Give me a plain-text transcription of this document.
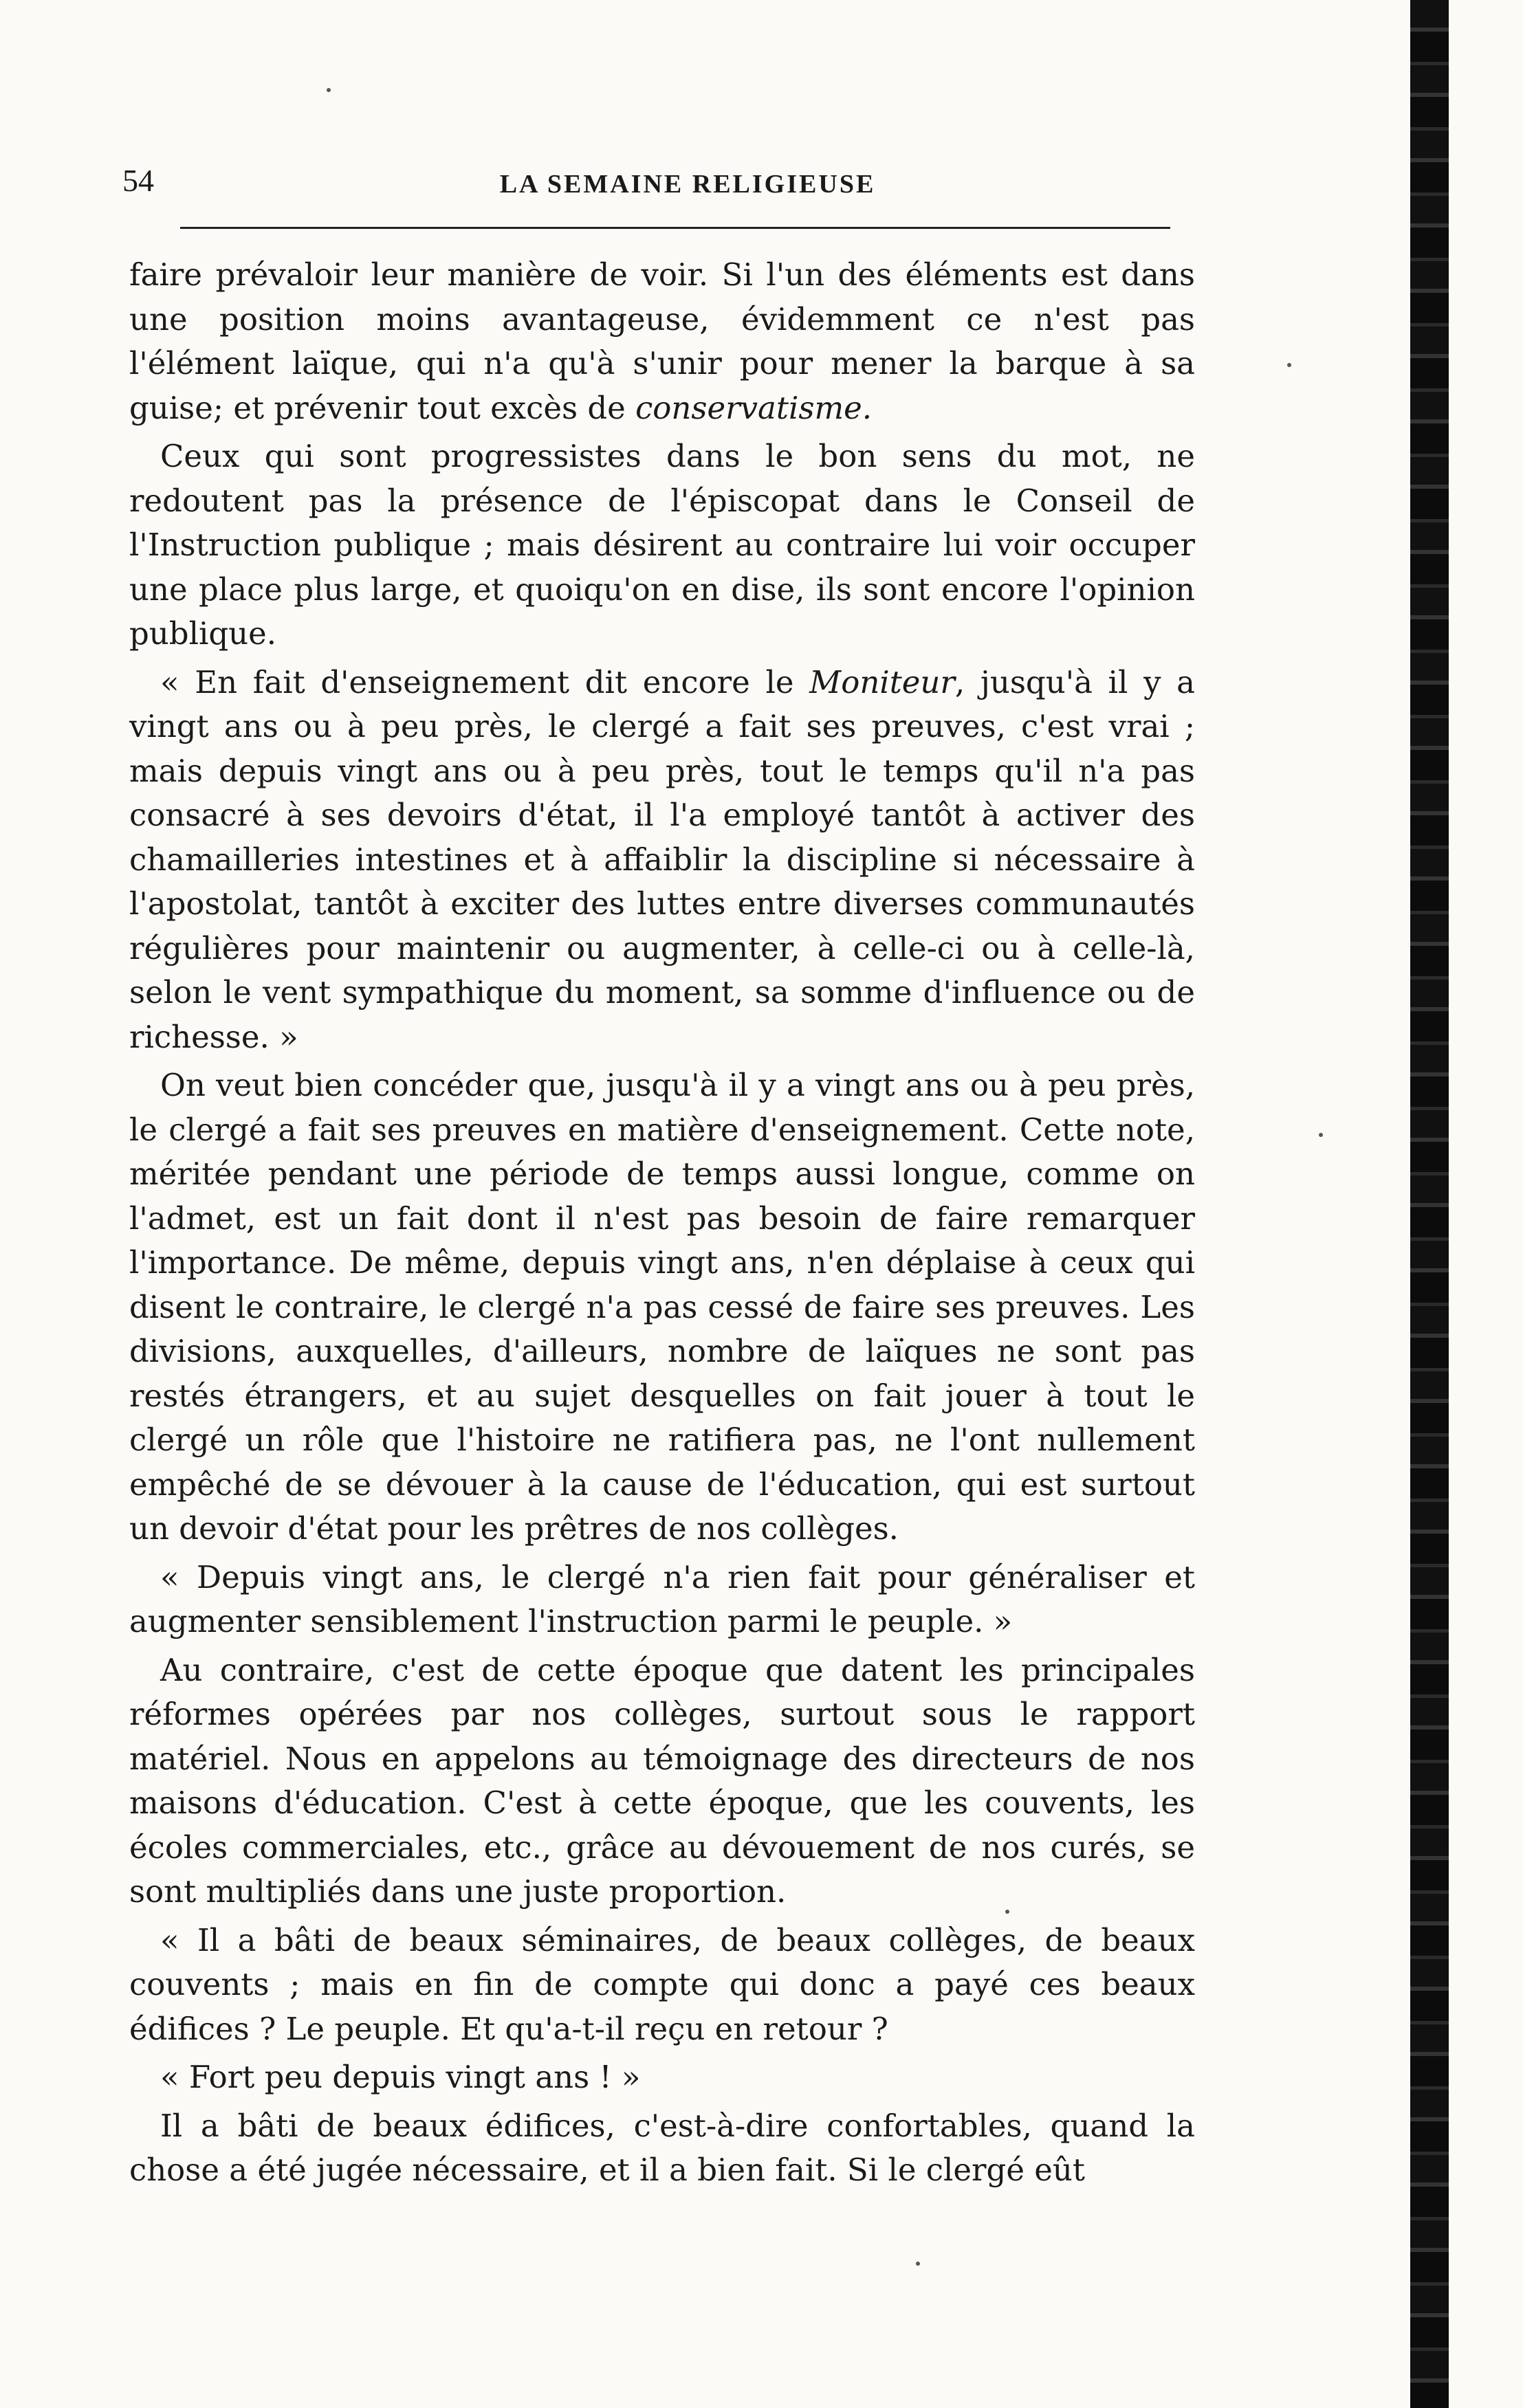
54	LA SEMAINE RELIGIEUSE

faire prévaloir leur manière de voir. Si l'un des éléments est dans une position moins avantageuse, évidemment ce n'est pas l'élément laïque, qui n'a qu'à s'unir pour mener la barque à sa guise; et prévenir tout excès de conservatisme.

Ceux qui sont progressistes dans le bon sens du mot, ne redoutent pas la présence de l'épiscopat dans le Conseil de l'Instruction publique ; mais désirent au contraire lui voir occuper une place plus large, et quoiqu'on en dise, ils sont encore l'opinion publique.

« En fait d'enseignement dit encore le Moniteur, jusqu'à il y a vingt ans ou à peu près, le clergé a fait ses preuves, c'est vrai ; mais depuis vingt ans ou à peu près, tout le temps qu'il n'a pas consacré à ses devoirs d'état, il l'a employé tantôt à activer des chamailleries intestines et à affaiblir la discipline si nécessaire à l'apostolat, tantôt à exciter des luttes entre diverses communautés régulières pour maintenir ou augmenter, à celle-ci ou à celle-là, selon le vent sympathique du moment, sa somme d'influence ou de richesse. »

On veut bien concéder que, jusqu'à il y a vingt ans ou à peu près, le clergé a fait ses preuves en matière d'enseignement. Cette note, méritée pendant une période de temps aussi longue, comme on l'admet, est un fait dont il n'est pas besoin de faire remarquer l'importance. De même, depuis vingt ans, n'en déplaise à ceux qui disent le contraire, le clergé n'a pas cessé de faire ses preuves. Les divisions, auxquelles, d'ailleurs, nombre de laïques ne sont pas restés étrangers, et au sujet desquelles on fait jouer à tout le clergé un rôle que l'histoire ne ratifiera pas, ne l'ont nullement empêché de se dévouer à la cause de l'éducation, qui est surtout un devoir d'état pour les prêtres de nos collèges.

« Depuis vingt ans, le clergé n'a rien fait pour généraliser et augmenter sensiblement l'instruction parmi le peuple. »

Au contraire, c'est de cette époque que datent les principales réformes opérées par nos collèges, surtout sous le rapport matériel. Nous en appelons au témoignage des directeurs de nos maisons d'éducation. C'est à cette époque, que les couvents, les écoles commerciales, etc., grâce au dévouement de nos curés, se sont multipliés dans une juste proportion.

« Il a bâti de beaux séminaires, de beaux collèges, de beaux couvents ; mais en fin de compte qui donc a payé ces beaux édifices ? Le peuple. Et qu'a-t-il reçu en retour ?

« Fort peu depuis vingt ans ! »

Il a bâti de beaux édifices, c'est-à-dire confortables, quand la chose a été jugée nécessaire, et il a bien fait. Si le clergé eût
